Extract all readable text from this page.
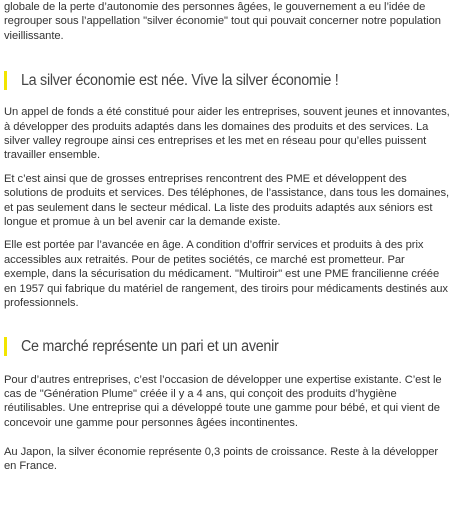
globale de la perte d’autonomie des personnes âgées, le gouvernement a eu l’idée de regrouper sous l’appellation "silver économie" tout qui pouvait concerner notre population vieillissante.

La silver économie est née. Vive la silver économie !

Un appel de fonds a été constitué pour aider les entreprises, souvent jeunes et innovantes, à développer des produits adaptés dans les domaines des produits et des services. La silver valley regroupe ainsi ces entreprises et les met en réseau pour qu’elles puissent travailler ensemble.

Et c’est ainsi que de grosses entreprises rencontrent des PME et développent des solutions de produits et services. Des téléphones, de l’assistance, dans tous les domaines, et pas seulement dans le secteur médical. La liste des produits adaptés aux séniors est longue et promue à un bel avenir car la demande existe.

Elle est portée par l’avancée en âge. A condition d’offrir services et produits à des prix accessibles aux retraités. Pour de petites sociétés, ce marché est prometteur. Par exemple, dans la sécurisation du médicament. "Multiroir" est une PME francilienne créée en 1957 qui fabrique du matériel de rangement, des tiroirs pour médicaments destinés aux professionnels.

Ce marché représente un pari et un avenir

Pour d’autres entreprises, c’est l’occasion de développer une expertise existante. C’est le cas de "Génération Plume" créée il y a 4 ans, qui conçoit des produits d’hygiène réutilisables. Une entreprise qui a développé toute une gamme pour bébé, et qui vient de concevoir une gamme pour personnes âgées incontinentes.

Au Japon, la silver économie représente 0,3 points de croissance. Reste à la développer en France.
